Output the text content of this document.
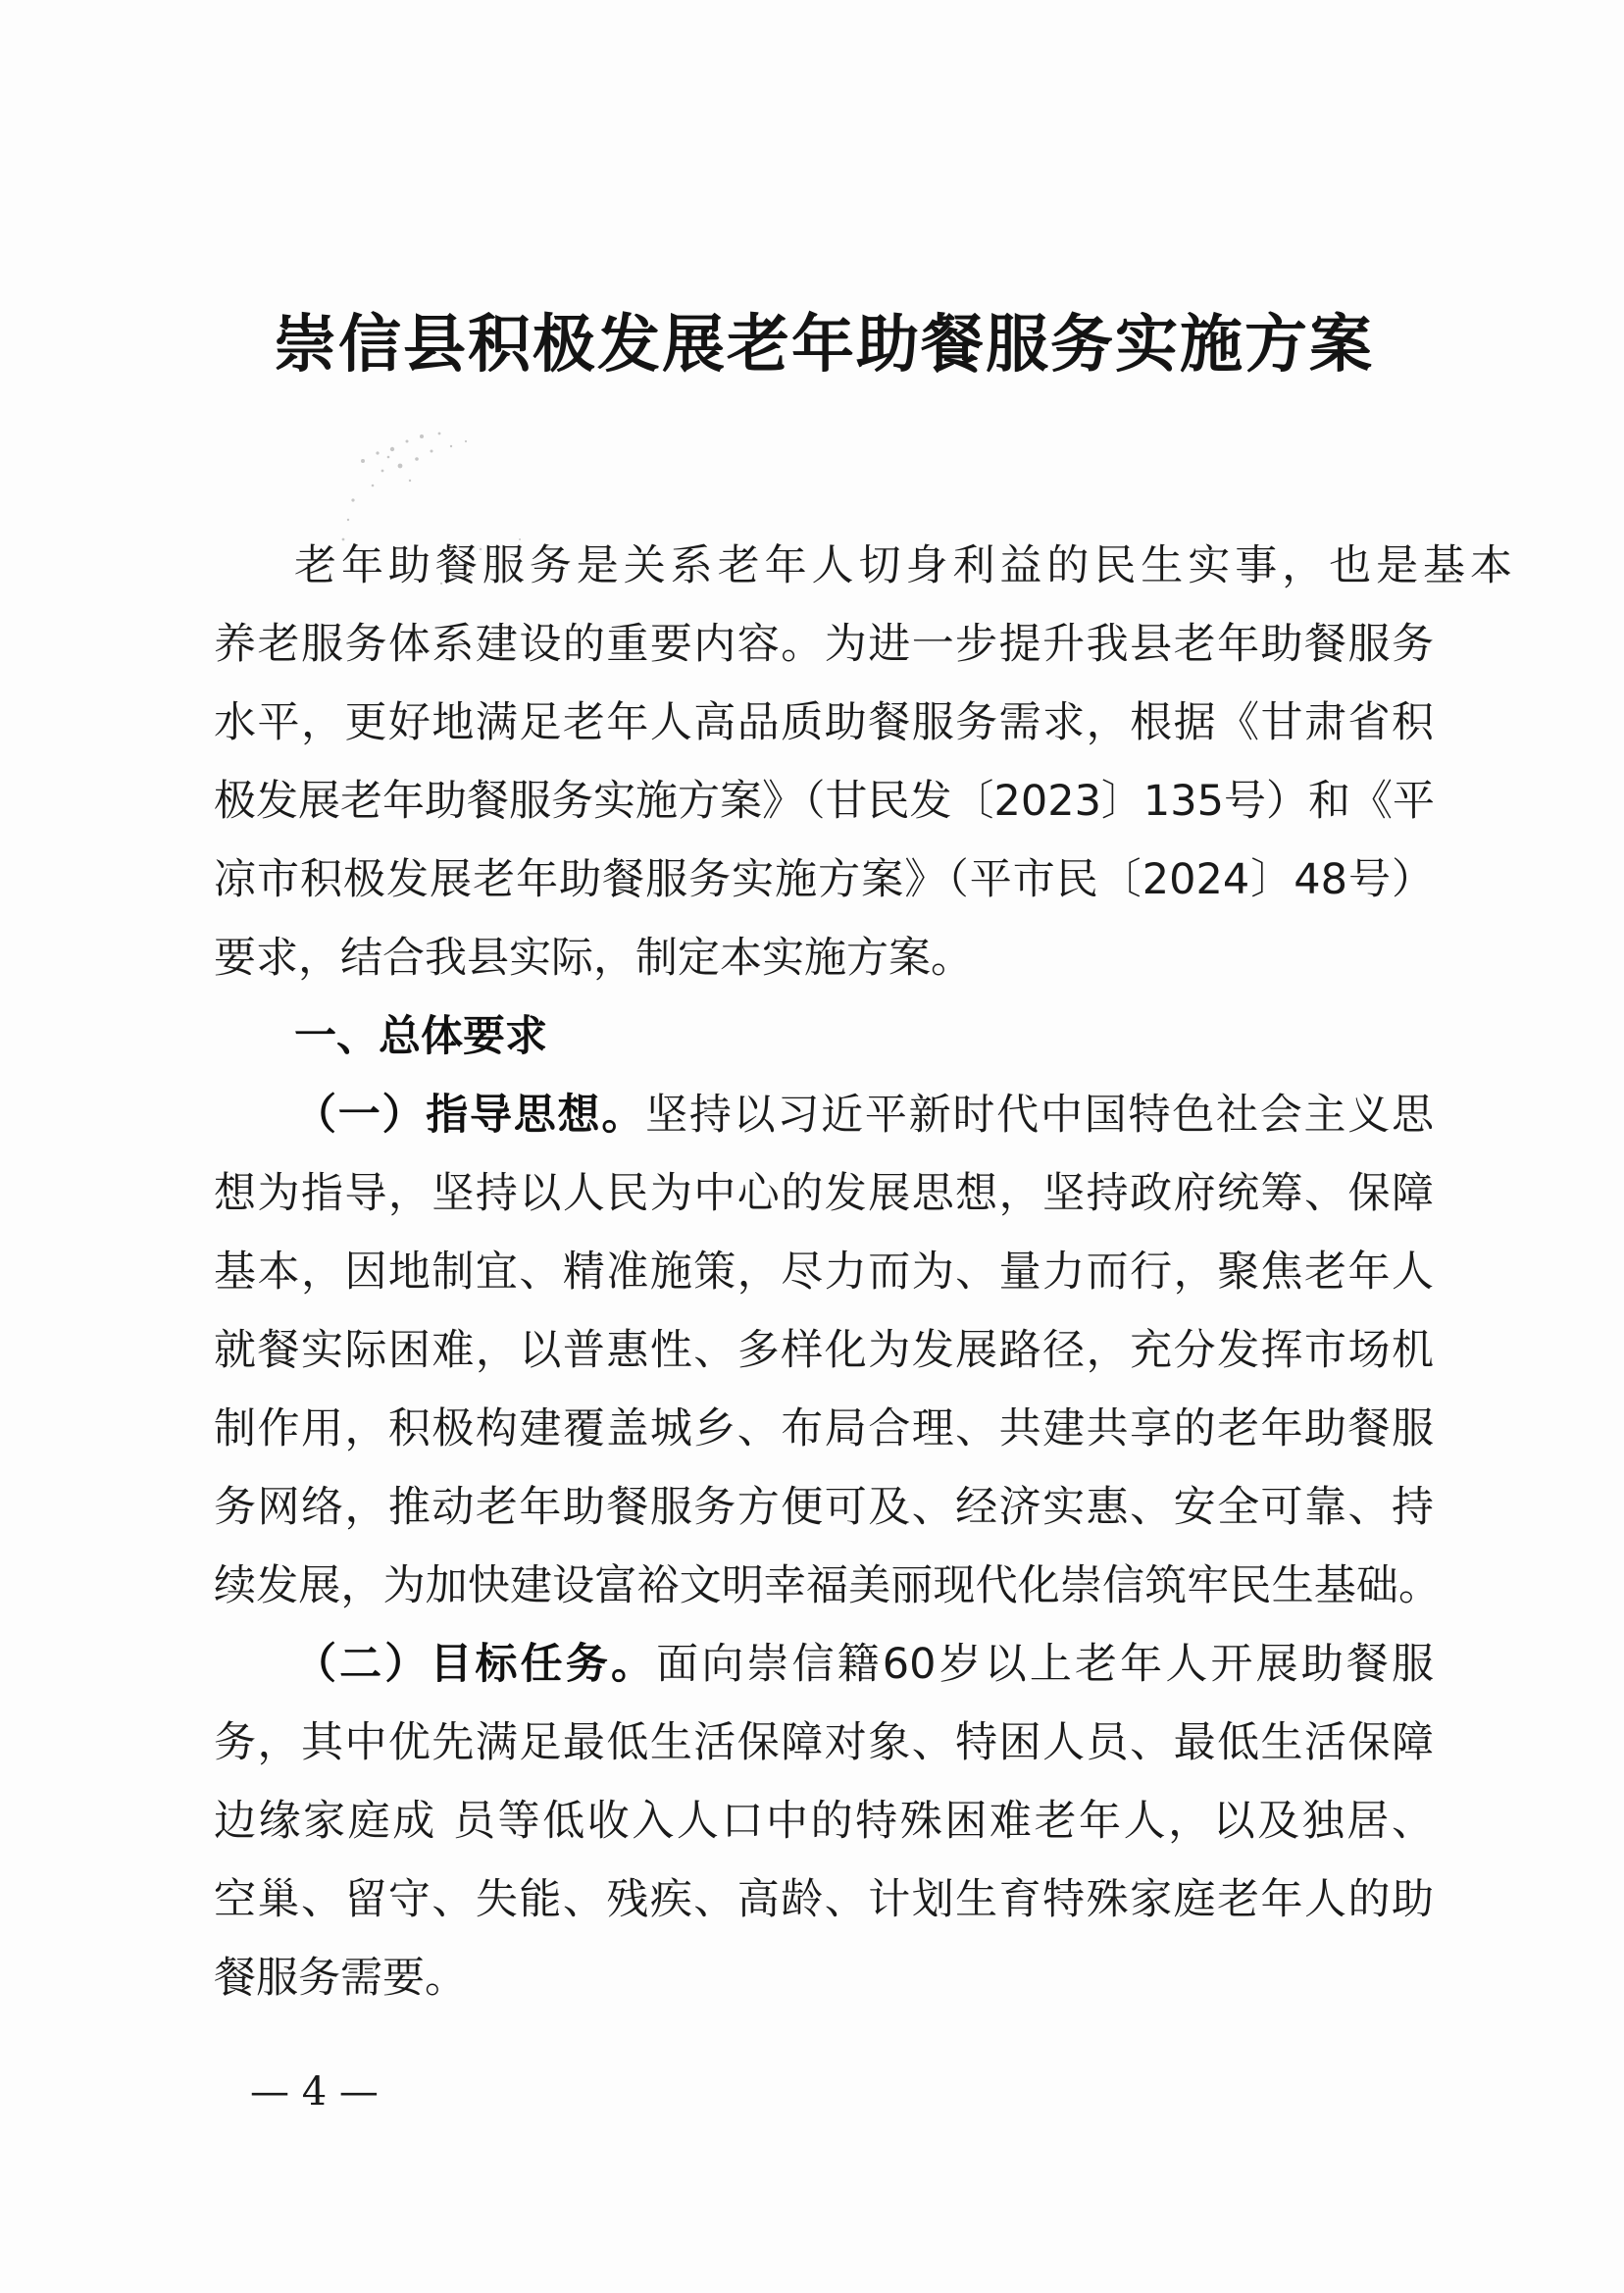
崇信县积极发展老年助餐服务实施方案
老年助餐服务是关系老年人切身利益的民生实事，也是基本
养老服务体系建设的重要内容。为进一步提升我县老年助餐服务
水平，更好地满足老年人高品质助餐服务需求，根据《甘肃省积
极发展老年助餐服务实施方案》（甘民发〔2023〕135号）和《平
凉市积极发展老年助餐服务实施方案》（平市民〔2024〕48号）
要求，结合我县实际，制定本实施方案。
一、总体要求
（一）指导思想。坚持以习近平新时代中国特色社会主义思
想为指导，坚持以人民为中心的发展思想，坚持政府统筹、保障
基本，因地制宜、精准施策，尽力而为、量力而行，聚焦老年人
就餐实际困难，以普惠性、多样化为发展路径，充分发挥市场机
制作用，积极构建覆盖城乡、布局合理、共建共享的老年助餐服
务网络，推动老年助餐服务方便可及、经济实惠、安全可靠、持
续发展，为加快建设富裕文明幸福美丽现代化崇信筑牢民生基础。
（二）目标任务。面向崇信籍60岁以上老年人开展助餐服
务，其中优先满足最低生活保障对象、特困人员、最低生活保障
边缘家庭成 员等低收入人口中的特殊困难老年人，以及独居、
空巢、留守、失能、残疾、高龄、计划生育特殊家庭老年人的助
餐服务需要。
— 4 —
